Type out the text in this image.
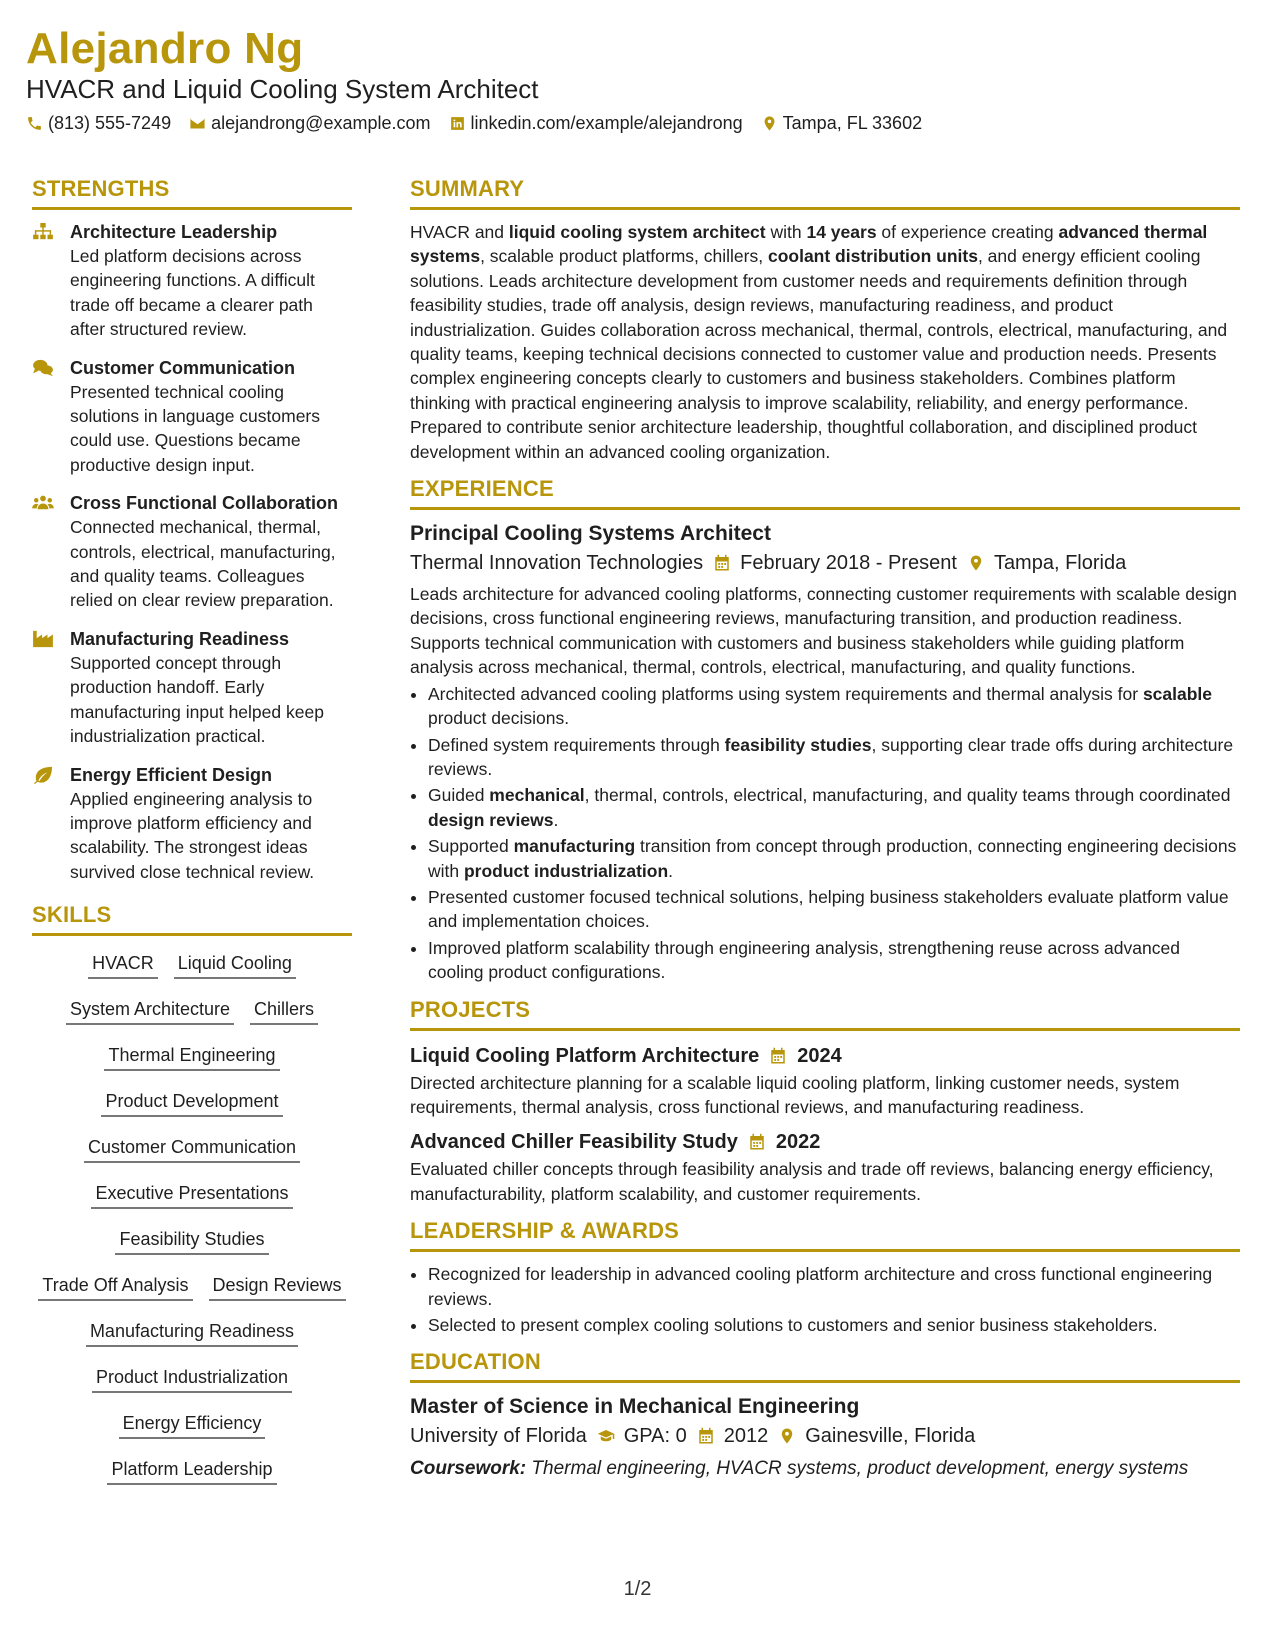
Alejandro Ng
HVACR and Liquid Cooling System Architect
(813) 555-7249 alejandrong@example.com linkedin.com/example/alejandrong Tampa, FL 33602
STRENGTHS
Architecture Leadership
Led platform decisions across engineering functions. A difficult trade off became a clearer path after structured review.
Customer Communication
Presented technical cooling solutions in language customers could use. Questions became productive design input.
Cross Functional Collaboration
Connected mechanical, thermal, controls, electrical, manufacturing, and quality teams. Colleagues relied on clear review preparation.
Manufacturing Readiness
Supported concept through production handoff. Early manufacturing input helped keep industrialization practical.
Energy Efficient Design
Applied engineering analysis to improve platform efficiency and scalability. The strongest ideas survived close technical review.
SKILLS
HVACR Liquid Cooling
System Architecture Chillers
Thermal Engineering
Product Development
Customer Communication
Executive Presentations
Feasibility Studies
Trade Off Analysis Design Reviews
Manufacturing Readiness
Product Industrialization
Energy Efficiency
Platform Leadership
SUMMARY
HVACR and liquid cooling system architect with 14 years of experience creating advanced thermal systems, scalable product platforms, chillers, coolant distribution units, and energy efficient cooling solutions. Leads architecture development from customer needs and requirements definition through feasibility studies, trade off analysis, design reviews, manufacturing readiness, and product industrialization. Guides collaboration across mechanical, thermal, controls, electrical, manufacturing, and quality teams, keeping technical decisions connected to customer value and production needs. Presents complex engineering concepts clearly to customers and business stakeholders. Combines platform thinking with practical engineering analysis to improve scalability, reliability, and energy performance. Prepared to contribute senior architecture leadership, thoughtful collaboration, and disciplined product development within an advanced cooling organization.
EXPERIENCE
Principal Cooling Systems Architect
Thermal Innovation Technologies February 2018 - Present Tampa, Florida
Leads architecture for advanced cooling platforms, connecting customer requirements with scalable design decisions, cross functional engineering reviews, manufacturing transition, and production readiness. Supports technical communication with customers and business stakeholders while guiding platform analysis across mechanical, thermal, controls, electrical, manufacturing, and quality functions.
• Architected advanced cooling platforms using system requirements and thermal analysis for scalable product decisions.
• Defined system requirements through feasibility studies, supporting clear trade offs during architecture reviews.
• Guided mechanical, thermal, controls, electrical, manufacturing, and quality teams through coordinated design reviews.
• Supported manufacturing transition from concept through production, connecting engineering decisions with product industrialization.
• Presented customer focused technical solutions, helping business stakeholders evaluate platform value and implementation choices.
• Improved platform scalability through engineering analysis, strengthening reuse across advanced cooling product configurations.
PROJECTS
Liquid Cooling Platform Architecture 2024
Directed architecture planning for a scalable liquid cooling platform, linking customer needs, system requirements, thermal analysis, cross functional reviews, and manufacturing readiness.
Advanced Chiller Feasibility Study 2022
Evaluated chiller concepts through feasibility analysis and trade off reviews, balancing energy efficiency, manufacturability, platform scalability, and customer requirements.
LEADERSHIP & AWARDS
• Recognized for leadership in advanced cooling platform architecture and cross functional engineering reviews.
• Selected to present complex cooling solutions to customers and senior business stakeholders.
EDUCATION
Master of Science in Mechanical Engineering
University of Florida GPA: 0 2012 Gainesville, Florida
Coursework: Thermal engineering, HVACR systems, product development, energy systems
1/2
